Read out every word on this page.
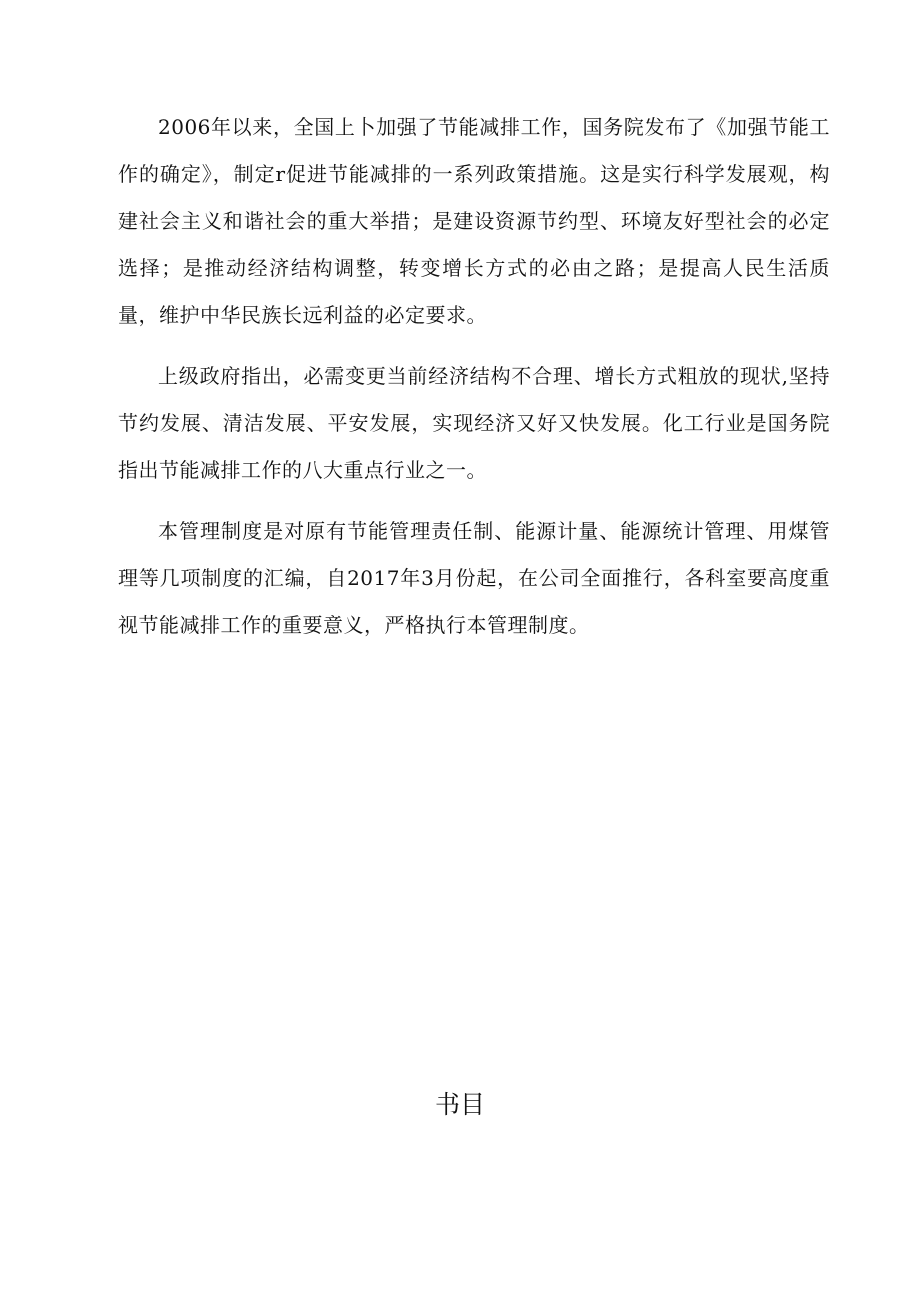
2006年以来，全国上卜加强了节能减排工作，国务院发布了《加强节能工作的确定》，制定r促进节能减排的一系列政策措施。这是实行科学发展观，构建社会主义和谐社会的重大举措；是建设资源节约型、环境友好型社会的必定选择；是推动经济结构调整，转变增长方式的必由之路；是提高人民生活质量，维护中华民族长远利益的必定要求。

上级政府指出，必需变更当前经济结构不合理、增长方式粗放的现状,坚持节约发展、清洁发展、平安发展，实现经济又好又快发展。化工行业是国务院指出节能减排工作的八大重点行业之一。

本管理制度是对原有节能管理责任制、能源计量、能源统计管理、用煤管理等几项制度的汇编，自2017年3月份起，在公司全面推行，各科室要高度重视节能减排工作的重要意义，严格执行本管理制度。

书目
